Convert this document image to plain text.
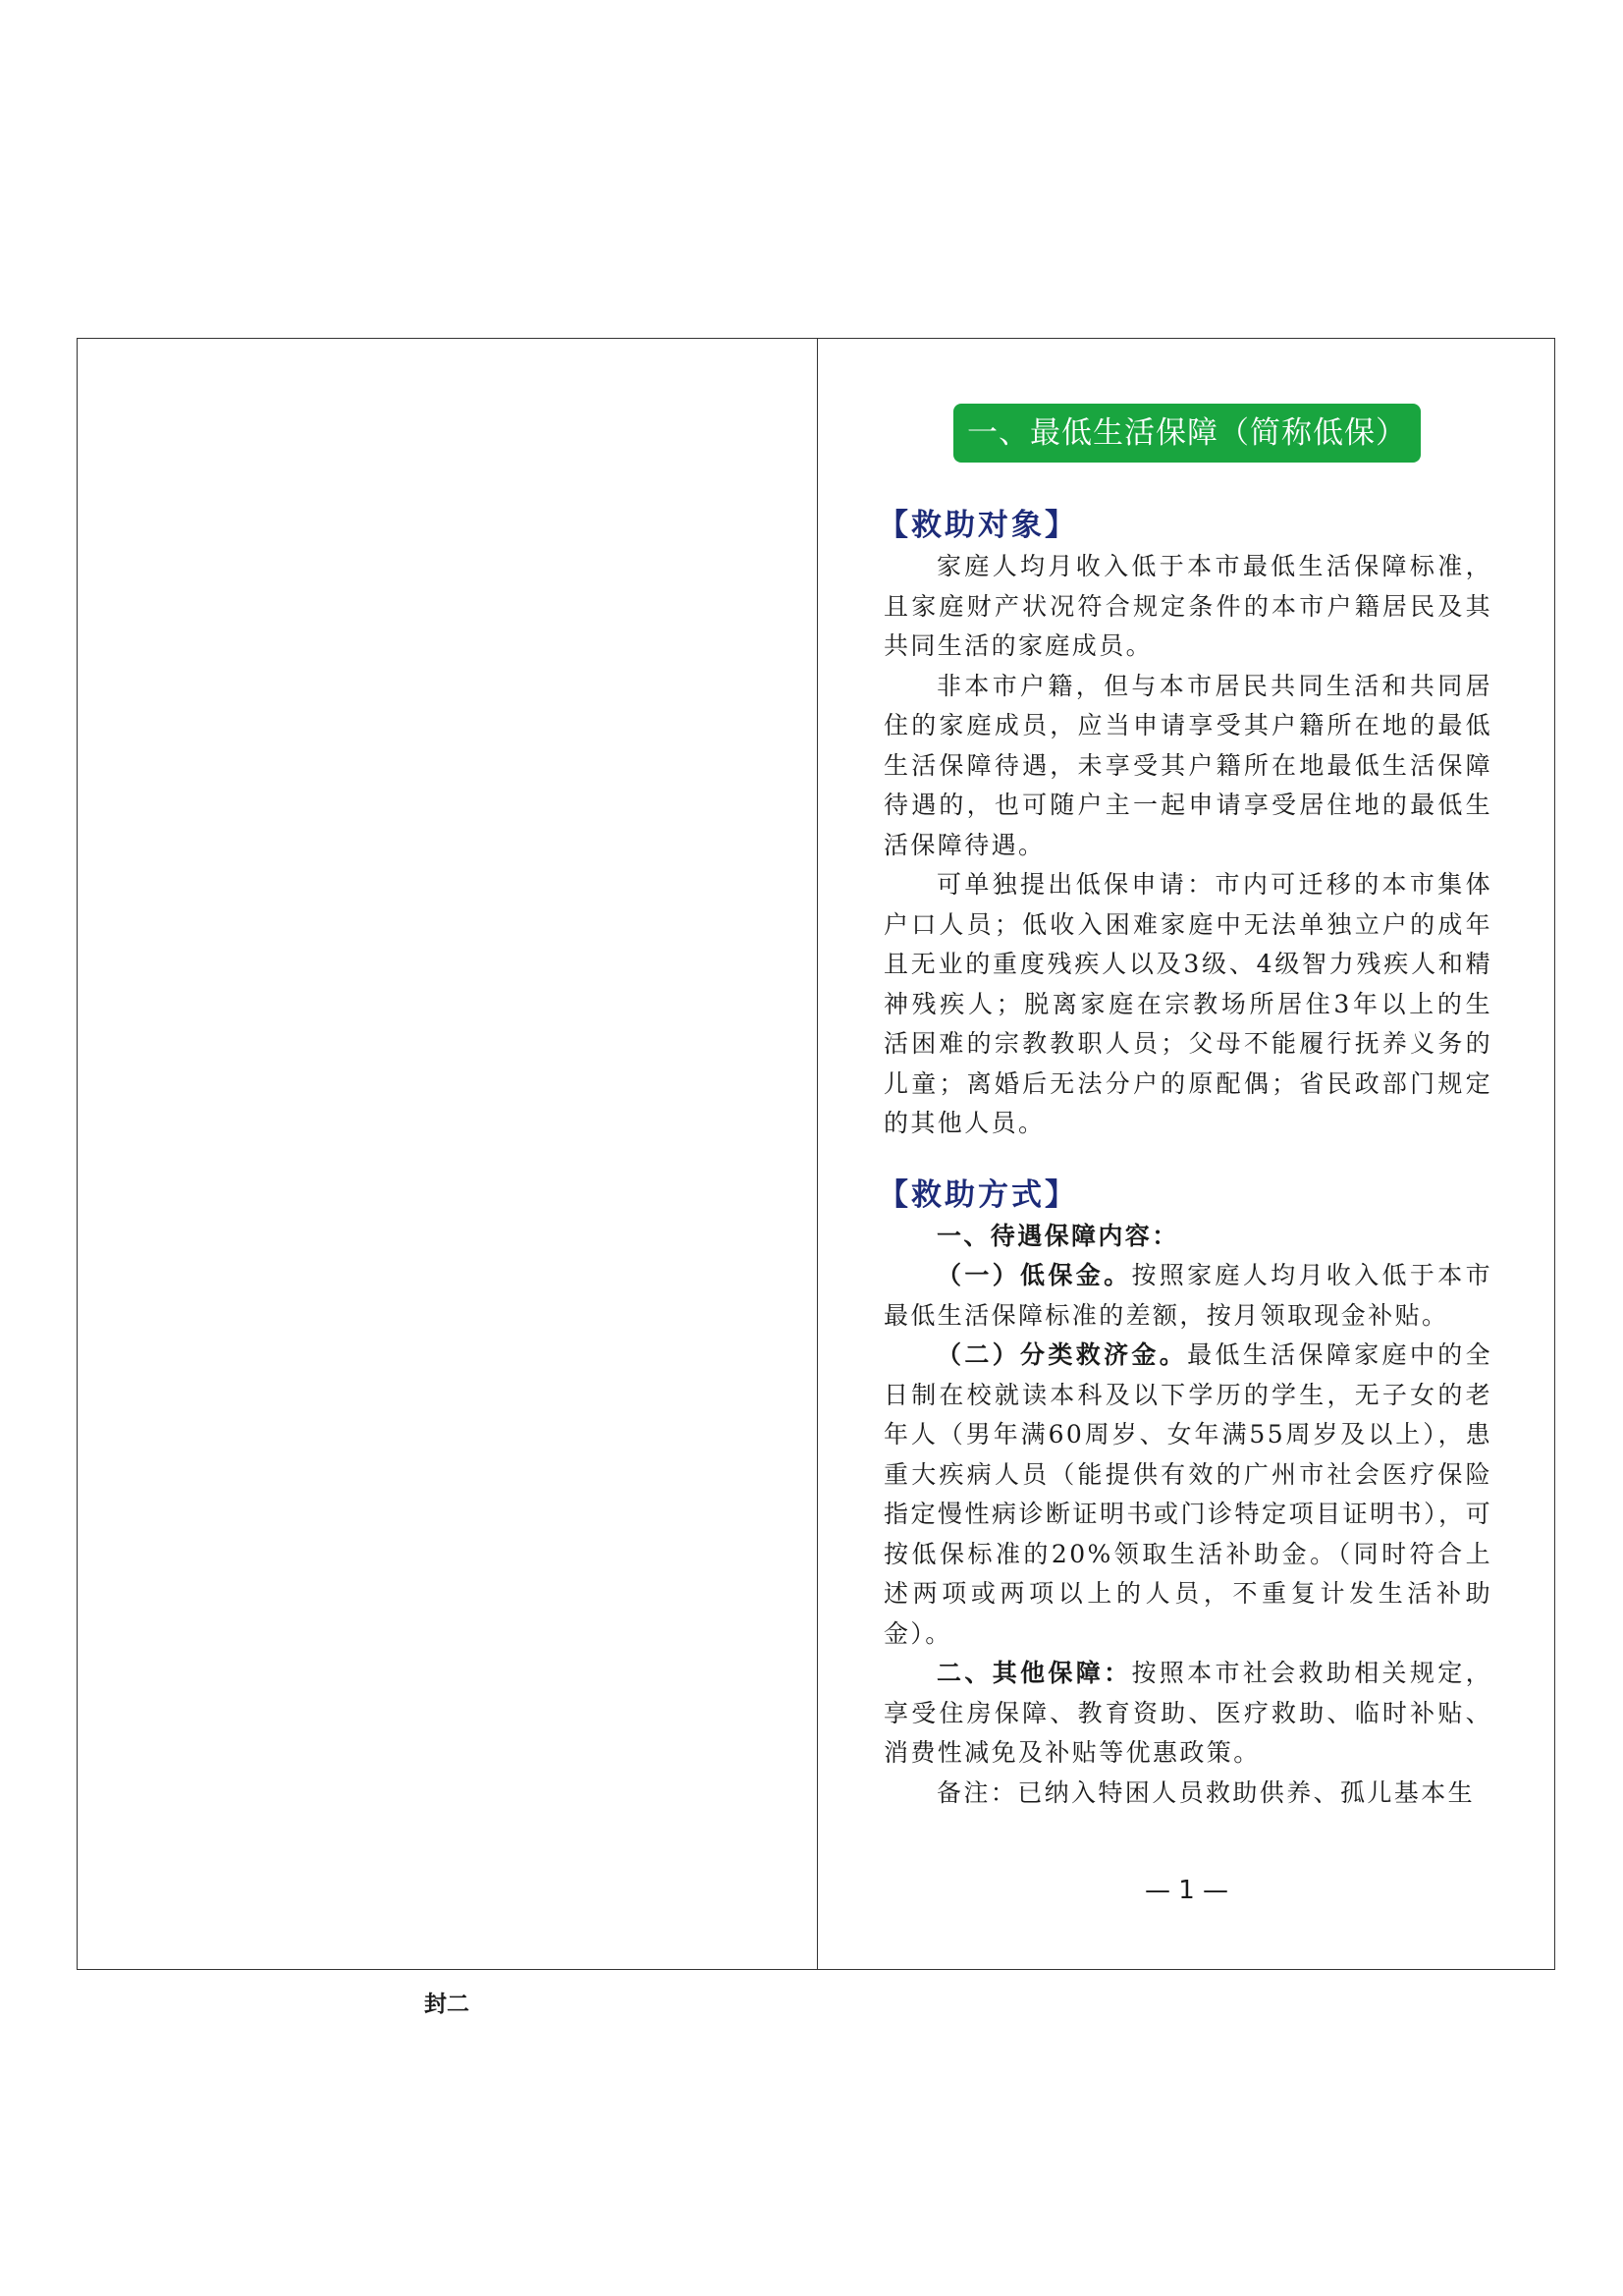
一、最低生活保障（简称低保）
【救助对象】

家庭人均月收入低于本市最低生活保障标准，且家庭财产状况符合规定条件的本市户籍居民及其共同生活的家庭成员。

非本市户籍，但与本市居民共同生活和共同居住的家庭成员，应当申请享受其户籍所在地的最低生活保障待遇，未享受其户籍所在地最低生活保障待遇的，也可随户主一起申请享受居住地的最低生活保障待遇。

可单独提出低保申请：市内可迁移的本市集体户口人员；低收入困难家庭中无法单独立户的成年且无业的重度残疾人以及3级、4级智力残疾人和精神残疾人；脱离家庭在宗教场所居住3年以上的生活困难的宗教教职人员；父母不能履行抚养义务的儿童；离婚后无法分户的原配偶；省民政部门规定的其他人员。

【救助方式】

一、待遇保障内容：

（一）低保金。按照家庭人均月收入低于本市最低生活保障标准的差额，按月领取现金补贴。

（二）分类救济金。最低生活保障家庭中的全日制在校就读本科及以下学历的学生，无子女的老年人（男年满60周岁、女年满55周岁及以上），患重大疾病人员（能提供有效的广州市社会医疗保险指定慢性病诊断证明书或门诊特定项目证明书），可按低保标准的20%领取生活补助金。（同时符合上述两项或两项以上的人员，不重复计发生活补助金）。

二、其他保障：按照本市社会救助相关规定，享受住房保障、教育资助、医疗救助、临时补贴、消费性减免及补贴等优惠政策。

备注：已纳入特困人员救助供养、孤儿基本生

— 1 —
封二
